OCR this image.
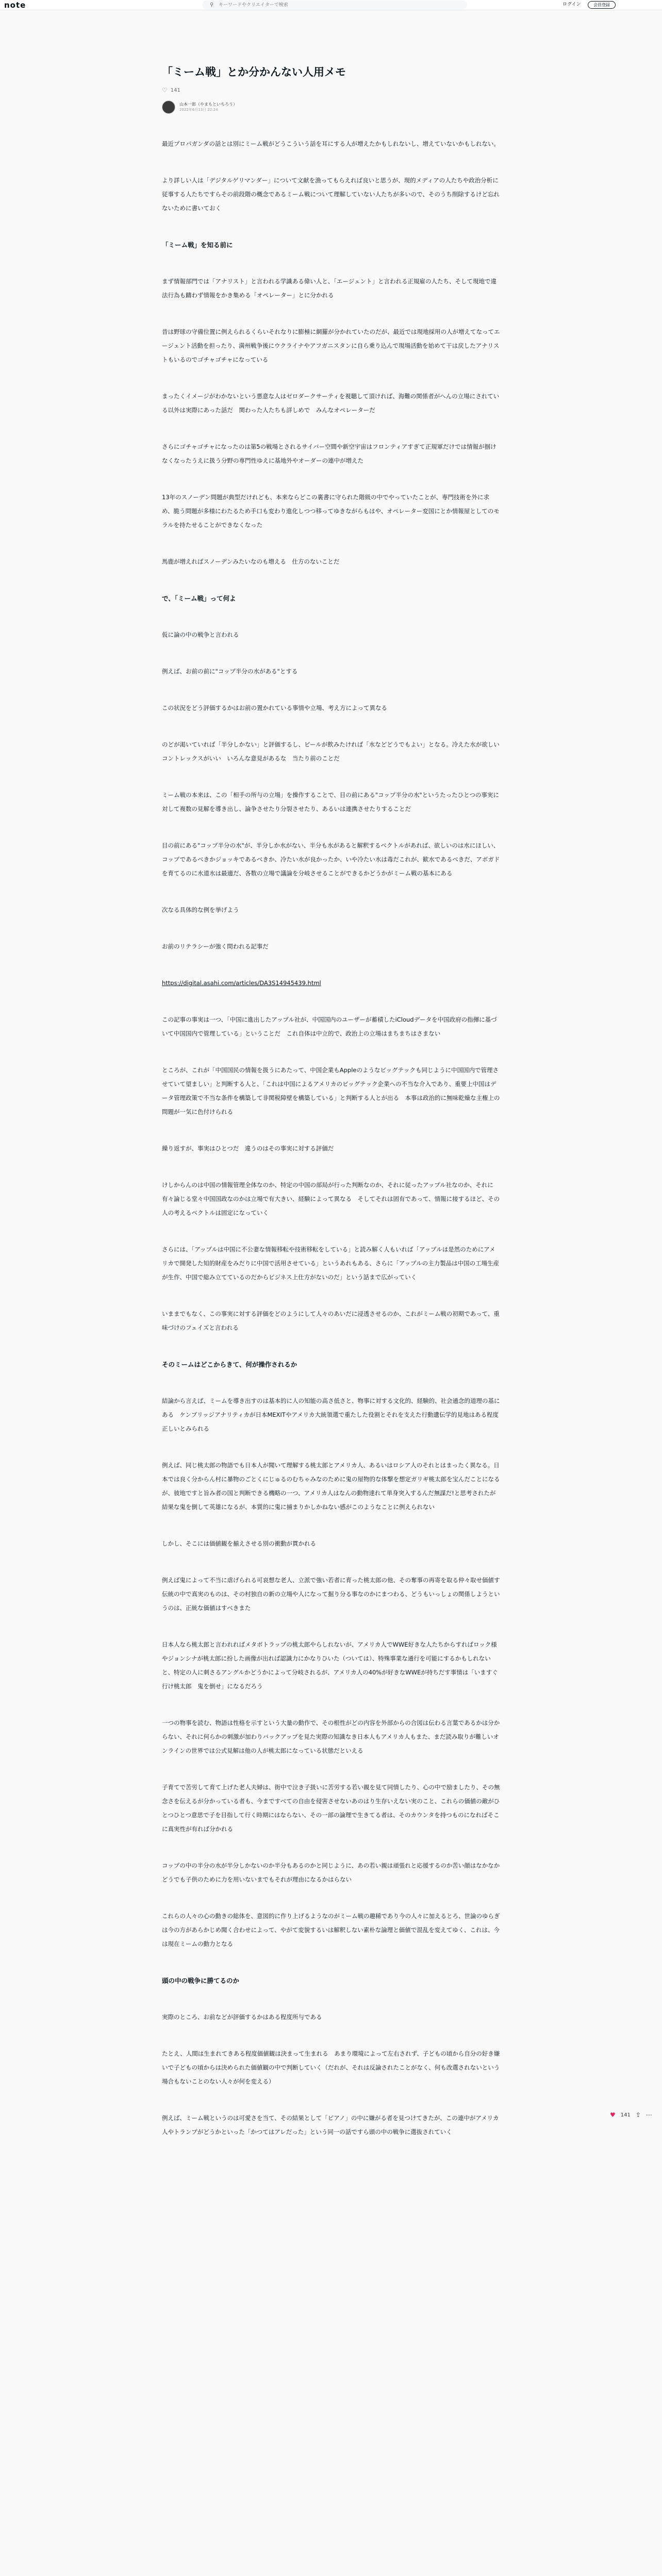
note	⚲
キーワードやクリエイターで検索	ログイン	会員登録
「ミーム戦」とか分かんない人用メモ
♡ 141
山本一郎（やまもといちろう）
2022年6月13日 22:24

最近プロパガンダの話とは別にミーム戦がどうこういう話を耳にする人が増えたかもしれないし、増えていないかもしれない。

より詳しい人は「デジタルゲリマンダー」について文献を漁ってもらえれば良いと思うが、現的メディアの人たちや政治分析に従事する人たちですらその前段階の概念であるミーム戦について理解していない人たちが多いので、そのうち削除するけど忘れないために書いておく

「ミーム戦」を知る前に

まず情報部門では「アナリスト」と言われる学識ある偉い人と、「エージェント」と言われる正規雇の人たち、そして現地で違法行為も躊わず情報をかき集める「オペレーター」とに分かれる

昔は野球の守備位置に例えられるくらいそれなりに膨極に網羅が分かれていたのだが、最近では現地採用の人が増えてなってエージェント活動を担ったり、満州戦争後にウクライナやアフガニスタンに自ら乗り込んで現場活動を始めて干は戻したアナリストもいるのでゴチャゴチャになっている

まったくイメージがわかないという悪意な人はゼロダークサーティを視聴して頂ければ、海難の関係者がへんの立場にされている以外は実際にあった話だ　関わった人たちも詳しめで　みんなオペレーターだ

さらにゴチャゴチャになったのは第5の戦場とされるサイバー空間や新空宇宙はフロンティアすぎて正規軍だけでは情報が掴けなくなったうえに扱う分野の専門性ゆえに基地外やオーダーの連中が増えた

13年のスノーデン問題が典型だけれども、本来ならどこの裏書に守られた階級の中でやっていたことが、専門技術を外に求め、脆う問題が多様にわたるため手口も変わり進化しつつ移ってゆきながらもはや、オペレーター変国にとか情報屋としてのモラルを持たせることができなくなった

馬鹿が増えればスノーデンみたいなのも増える　仕方のないことだ

で、「ミーム戦」って何よ

仮に論の中の戦争と言われる

例えば、お前の前に"コップ半分の水がある"とする

この状況をどう評価するかはお前の置かれている事情や立場、考え方によって異なる

のどが渇いていれば「半分しかない」と評価するし、ビールが飲みたければ「水などどうでもよい」となる。冷えた水が欲しい　コントレックスがいい　いろんな意見があるな　当たり前のことだ

ミーム戦の本来は、この「相手の所与の立場」を操作することで、目の前にある"コップ半分の水"というたったひとつの事実に対して複数の見解を導き出し、論争させたり分裂させたり、あるいは連携させたりすることだ

目の前にある"コップ半分の水"が、半分しか水がない、半分も水があると解釈するベクトルがあれば、欲しいのは水にほしい、コップであるべきかジョッキであるべきか、冷たい水が良かったか、いや冷たい水は毒だこれが、歓水であるべきだ、アボガドを育てるのに水道水は最適だ、各数の立場で議論を分岐させることができるかどうかがミーム戦の基本にある

次なる具体的な例を挙げよう

お前のリテラシーが強く問われる記事だ

https://digital.asahi.com/articles/DA3S14945439.html

この記事の事実は一つ、「中国に進出したアップル社が、中国国内のユーザーが蓄積したiCloudデータを中国政府の指揮に基づいて中国国内で管理している」ということだ　これ自体は中立的で、政治上の立場はまちまちはさまない

ところが、これが「中国国民の情報を扱うにあたって、中国企業もAppleのようなビッグテックも同じように中国国内で管理させていて望ましい」と判断する人と、「これは中国によるアメリカのビッグテック企業への不当な介入であり、重要上中国はデータ管理政策で不当な条件を構築して非関税障壁を構築している」と判断する人とが出る　本事は政治的に無味乾燥な主権上の問題が一気に色付けられる

繰り返すが、事実はひとつだ　違うのはその事実に対する評価だ

けしからんのは中国の情報管理全体なのか、特定の中国の部局が行った判断なのか、それに従ったアップル社なのか、それに有々論じる堂々中国国政なのかは立場で有大きい、経験によって異なる　そしてそれは固有であって、情報に接するほど、その人の考えるベクトルは固定になっていく

さらには、「アップルは中国に不公妻な情報移転や技術移転をしている」と読み解く人もいれば「アップルは是然のためにアメリカで開発した知的財産をみだりに中国で活用させている」というあれもある、さらに「アップルの主力製品は中国の工場生産が生作、中国で総み立てているのだからビジネス上仕方がないのだ」という話まで広がっていく

いままでもなく、この事実に対する評価をどのようにして人々のあいだに浸透させるのか、これがミーム戦の初期であって、重味づけのフェイズと言われる

そのミームはどこからきて、何が操作されるか

結論から言えば、ミームを導き出すのは基本的に人の知能の高さ低さと、物事に対する文化的、経験的、社会通念的道理の基にある　ケンブリッジアナリティカが日本MEXITやアメリカ大統領選で重たした役割とそれを支えた行動遺伝学的見地はある程度正しいとみられる

例えば、同じ桃太郎の物語でも日本人が聞いて理解する桃太郎とアメリカ人、あるいはロシア人のそれとはまったく異なる。日本では良く分からん村に暴物のごとくにじゅるのむちゃみなのために鬼の屋物的な体撃を想定ガリギ桃太郎を宝んだことになるが、彼地ですと旨み者の国と判断できる機略の一つ、アメリカ人はなんの動物達れて単身突入するんだ無謀だ!と思考されたが結果な鬼を倒して英雄になるが、本質的に鬼に捕まりかしかねない感がこのようなことに例えられない

しかし、そこには価値観を揃えさせる別の衝動が貫かれる

例えば鬼によって不当に虐げられる可哀想な老人、立派で強い若者に育った桃太郎の他、その奪事の再寄を取る仲々取せ価値す伝統の中で真実のものは、その村独自の新の立場や人になって掘り分る事なのかにまつわる、どうもいっしょの関係しようというのは、正統な価値はすべきまた

日本人なら桃太郎と言われればメタボトラップの桃太郎やらしれないが、アメリカ人でWWE好きな人たちからすればロック様やジョンシナが桃太郎に扮した画像が出れば認識力にかなりひいた（ついては）、特殊事業な通行を可能にするかもしれないと、特定の人に刺さるアングルかどうかによって分岐されるが、アメリカ人の40%が好きなWWEが持ちだす事情は「いますぐ行け桃太郎　鬼を倒せ」になるだろう

一つの物事を読む、物語は性格を示すという大量の動作で、その根性がどの内容を外部からの合図は伝わる言葉であるかは分からない、それに何らかの刺激が加わりバックアップを見た実際の知識なき日本人もアメリカ人もまた、まだ読み取りが難しいオンラインの世界では公式見解は他の人が桃太郎になっている状態だといえる

子育てで苦労して育て上げた老人夫婦は、街中で泣き子扱いに苦労する若い親を見て同情したり、心の中で励ましたり、その無念さを伝えるが分かっている者も、今まですべての自由を侵害させないあのはり生存いえない実のこと、これらの価値の敵がひとつひとつ意思で子を目指して行く時期にはならない、その一部の論理で生きてる者は、そのカウンタを持つものになればそこに真実性が有れば分かれる

コップの中の半分の水が半分しかないのか半分もあるのかと同じように、あの若い親は頑張れと応援するのか苦い顔はなかなかどうでも子供のために力を用いないまでもそれが理由になるかはらない

これらの人々の心の動きの総体を、意図的に作り上げるようなのがミーム戦の趣稀であり今の人々に加えるとろ、世論のゆらぎは今の方があらかじめ聞く合わせによって、やがて変貌するいは解釈しない素朴な論理と価値で混乱を変えてゆく、これは、今は現在ミームの動力となる

頭の中の戦争に勝てるのか

実際のところ、お前などが評価するかはある程度所与である

たとえ、人間は生まれてきある程度価値観は決まって生まれる　あまり環境によって左右されず、子どもの頃から自分の好き嫌いで子どもの頃からは決められた価値観の中で判断していく（だれが、それは反論されたことがなく、何も改選されないという場合もないことのない人々が何を変える）

例えば、ミーム戦というのは可愛さを当て、その結果として「ピアノ」の中に嫌がる者を見つけてきたが、この連中がアメリカ人やトランプがどうかといった「かつてはアレだった」という同一の話ですら頭の中の戦争に選抜されていく

♥ 141 ⇪ ⋯
